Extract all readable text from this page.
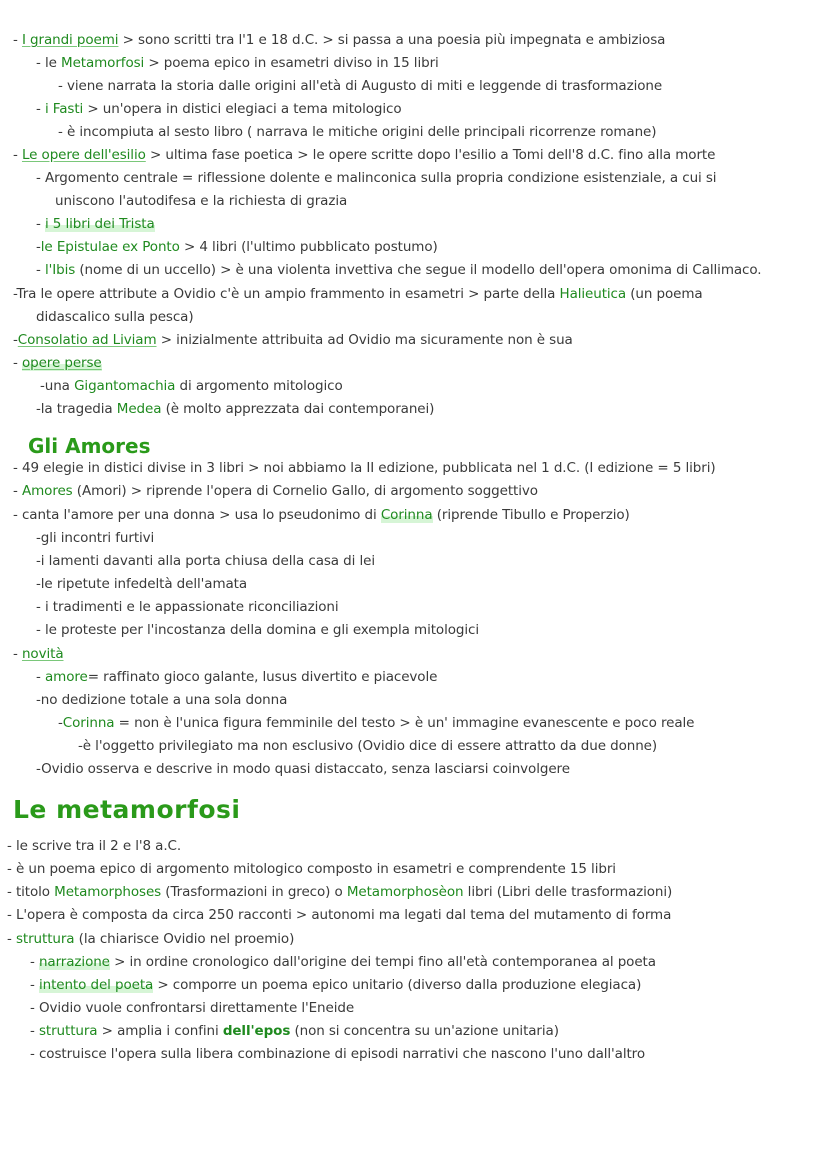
- I grandi poemi > sono scritti tra l'1 e 18 d.C. > si passa a una poesia più impegnata e ambiziosa
- le Metamorfosi > poema epico in esametri diviso in 15 libri
- viene narrata la storia dalle origini all'età di Augusto di miti e leggende di trasformazione
- i Fasti > un'opera in distici elegiaci a tema mitologico
- è incompiuta al sesto libro ( narrava le mitiche origini delle principali ricorrenze romane)
- Le opere dell'esilio > ultima fase poetica > le opere scritte dopo l'esilio a Tomi dell'8 d.C. fino alla morte
- Argomento centrale = riflessione dolente e malinconica sulla propria condizione esistenziale, a cui si
uniscono l'autodifesa e la richiesta di grazia
- i 5 libri dei Trista
-le Epistulae ex Ponto > 4 libri (l'ultimo pubblicato postumo)
- l'Ibis (nome di un uccello) > è una violenta invettiva che segue il modello dell'opera omonima di Callimaco.
-Tra le opere attribute a Ovidio c'è un ampio frammento in esametri > parte della Halieutica (un poema
didascalico sulla pesca)
-Consolatio ad Liviam > inizialmente attribuita ad Ovidio ma sicuramente non è sua
- opere perse
-una Gigantomachia di argomento mitologico
-la tragedia Medea (è molto apprezzata dai contemporanei)
Gli Amores
- 49 elegie in distici divise in 3 libri > noi abbiamo la II edizione, pubblicata nel 1 d.C. (I edizione = 5 libri)
- Amores (Amori) > riprende l'opera di Cornelio Gallo, di argomento soggettivo
- canta l'amore per una donna > usa lo pseudonimo di Corinna (riprende Tibullo e Properzio)
-gli incontri furtivi
-i lamenti davanti alla porta chiusa della casa di lei
-le ripetute infedeltà dell'amata
- i tradimenti e le appassionate riconciliazioni
- le proteste per l'incostanza della domina e gli exempla mitologici
- novità
- amore= raffinato gioco galante, lusus divertito e piacevole
-no dedizione totale a una sola donna
-Corinna = non è l'unica figura femminile del testo > è un' immagine evanescente e poco reale
-è l'oggetto privilegiato ma non esclusivo (Ovidio dice di essere attratto da due donne)
-Ovidio osserva e descrive in modo quasi distaccato, senza lasciarsi coinvolgere
Le metamorfosi
- le scrive tra il 2 e l'8 a.C.
- è un poema epico di argomento mitologico composto in esametri e comprendente 15 libri
- titolo Metamorphoses (Trasformazioni in greco) o Metamorphosèon libri (Libri delle trasformazioni)
- L'opera è composta da circa 250 racconti > autonomi ma legati dal tema del mutamento di forma
- struttura (la chiarisce Ovidio nel proemio)
- narrazione > in ordine cronologico dall'origine dei tempi fino all'età contemporanea al poeta
- intento del poeta > comporre un poema epico unitario (diverso dalla produzione elegiaca)
- Ovidio vuole confrontarsi direttamente l'Eneide
- struttura > amplia i confini dell'epos (non si concentra su un'azione unitaria)
- costruisce l'opera sulla libera combinazione di episodi narrativi che nascono l'uno dall'altro
